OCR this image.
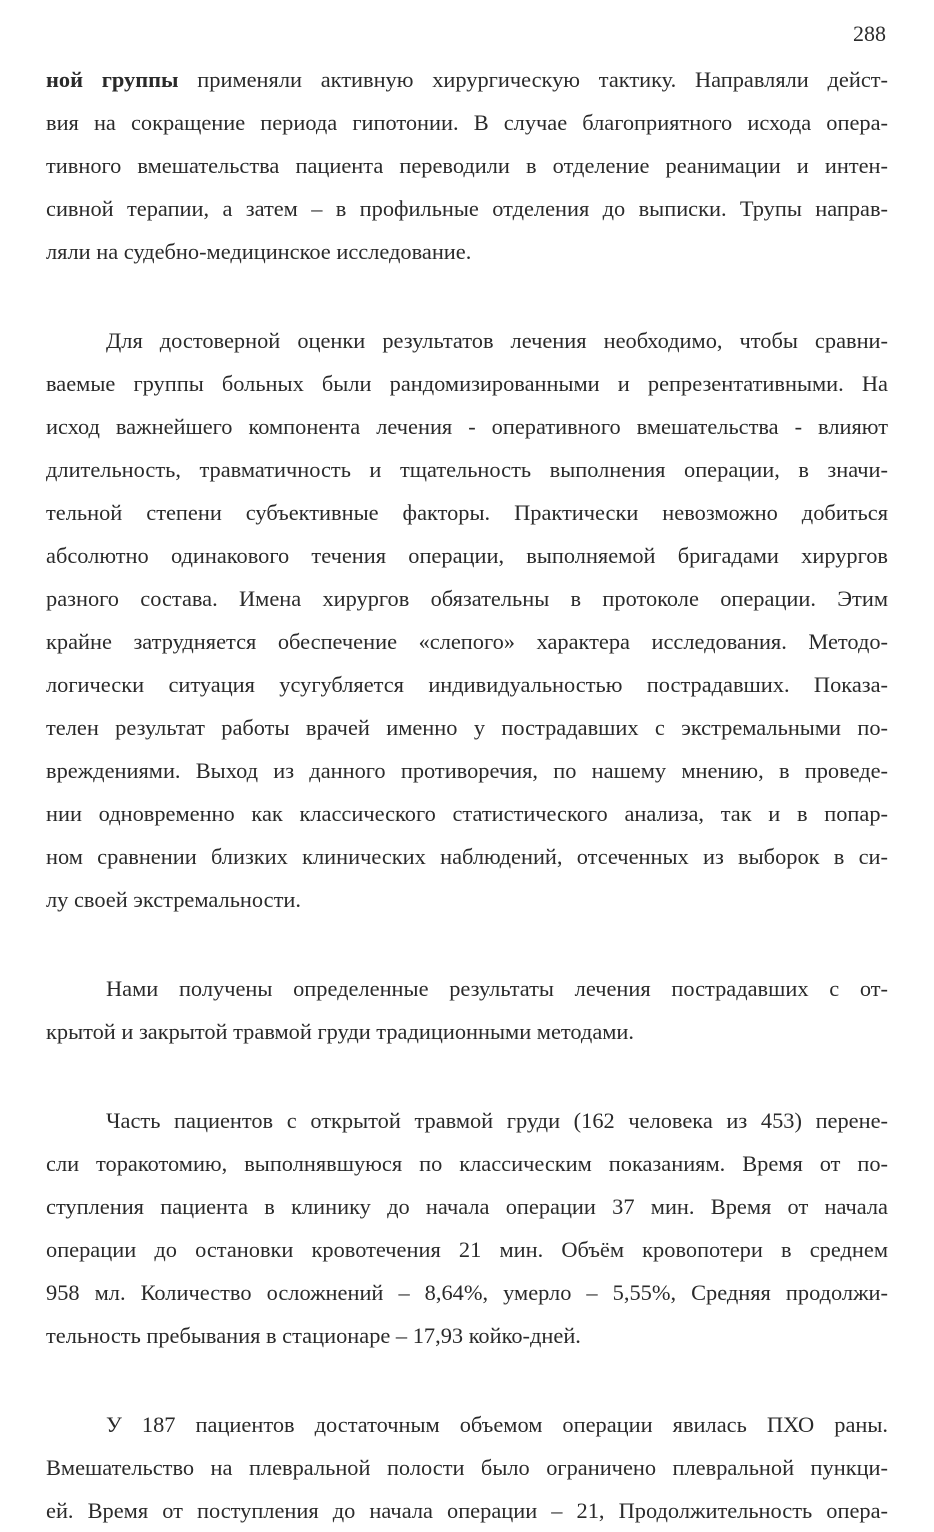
288
ной группы применяли активную хирургическую тактику. Направляли дейст-
вия на сокращение периода гипотонии. В случае благоприятного исхода опера-
тивного вмешательства пациента переводили в отделение реанимации и интен-
сивной терапии, а затем – в профильные отделения до выписки. Трупы направ-
ляли на судебно-медицинское исследование.
Для достоверной оценки результатов лечения необходимо, чтобы сравни-
ваемые группы больных были рандомизированными и репрезентативными. На
исход важнейшего компонента лечения - оперативного вмешательства - влияют
длительность, травматичность и тщательность выполнения операции, в значи-
тельной степени субъективные факторы. Практически невозможно добиться
абсолютно одинакового течения операции, выполняемой бригадами хирургов
разного состава. Имена хирургов обязательны в протоколе операции. Этим
крайне затрудняется обеспечение «слепого» характера исследования. Методо-
логически ситуация усугубляется индивидуальностью пострадавших. Показа-
телен результат работы врачей именно у пострадавших с экстремальными по-
вреждениями. Выход из данного противоречия, по нашему мнению, в проведе-
нии одновременно как классического статистического анализа, так и в попар-
ном сравнении близких клинических наблюдений, отсеченных из выборок в си-
лу своей экстремальности.
Нами получены определенные результаты лечения пострадавших с от-
крытой и закрытой травмой груди традиционными методами.
Часть пациентов с открытой травмой груди (162 человека из 453) перене-
сли торакотомию, выполнявшуюся по классическим показаниям. Время от по-
ступления пациента в клинику до начала операции 37 мин. Время от начала
операции до остановки кровотечения 21 мин. Объём кровопотери в среднем
958 мл. Количество осложнений – 8,64%, умерло – 5,55%, Средняя продолжи-
тельность пребывания в стационаре – 17,93 койко-дней.
У 187 пациентов достаточным объемом операции явилась ПХО раны.
Вмешательство на плевральной полости было ограничено плевральной пункци-
ей. Время от поступления до начала операции – 21, Продолжительность опера-
